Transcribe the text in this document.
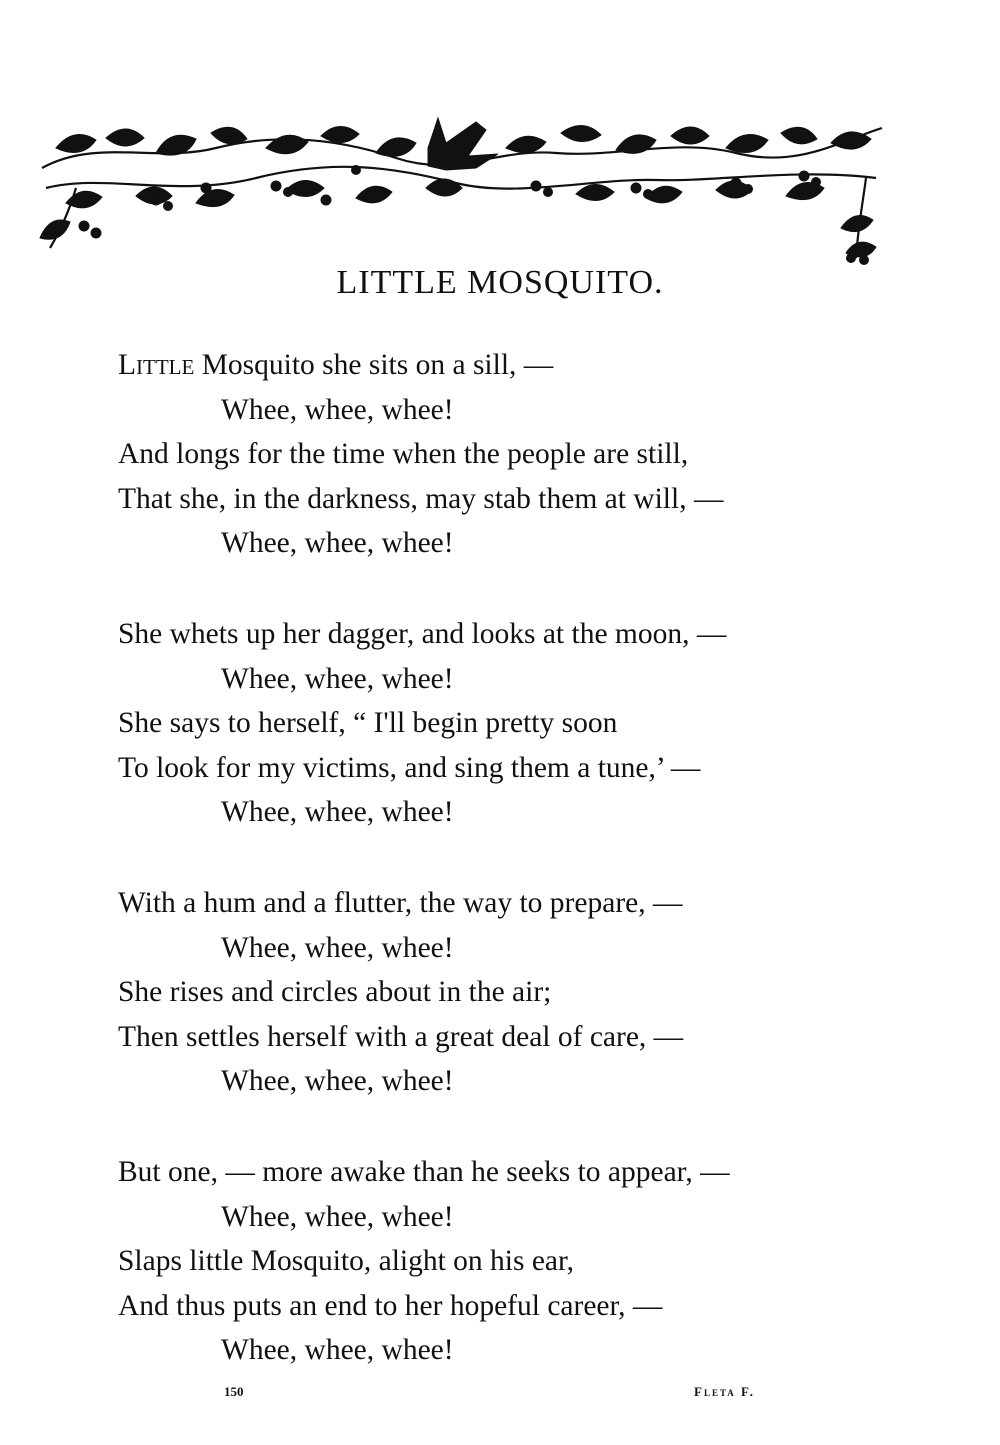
LITTLE MOSQUITO.
Little Mosquito she sits on a sill, —
Whee, whee, whee!
And longs for the time when the people are still,
That she, in the darkness, may stab them at will, —
Whee, whee, whee!
She whets up her dagger, and looks at the moon, —
Whee, whee, whee!
She says to herself, “ I'll begin pretty soon
To look for my victims, and sing them a tune,’ —
Whee, whee, whee!
With a hum and a flutter, the way to prepare, —
Whee, whee, whee!
She rises and circles about in the air;
Then settles herself with a great deal of care, —
Whee, whee, whee!
But one, — more awake than he seeks to appear, —
Whee, whee, whee!
Slaps little Mosquito, alight on his ear,
And thus puts an end to her hopeful career, —
Whee, whee, whee!
150	Fleta F.
